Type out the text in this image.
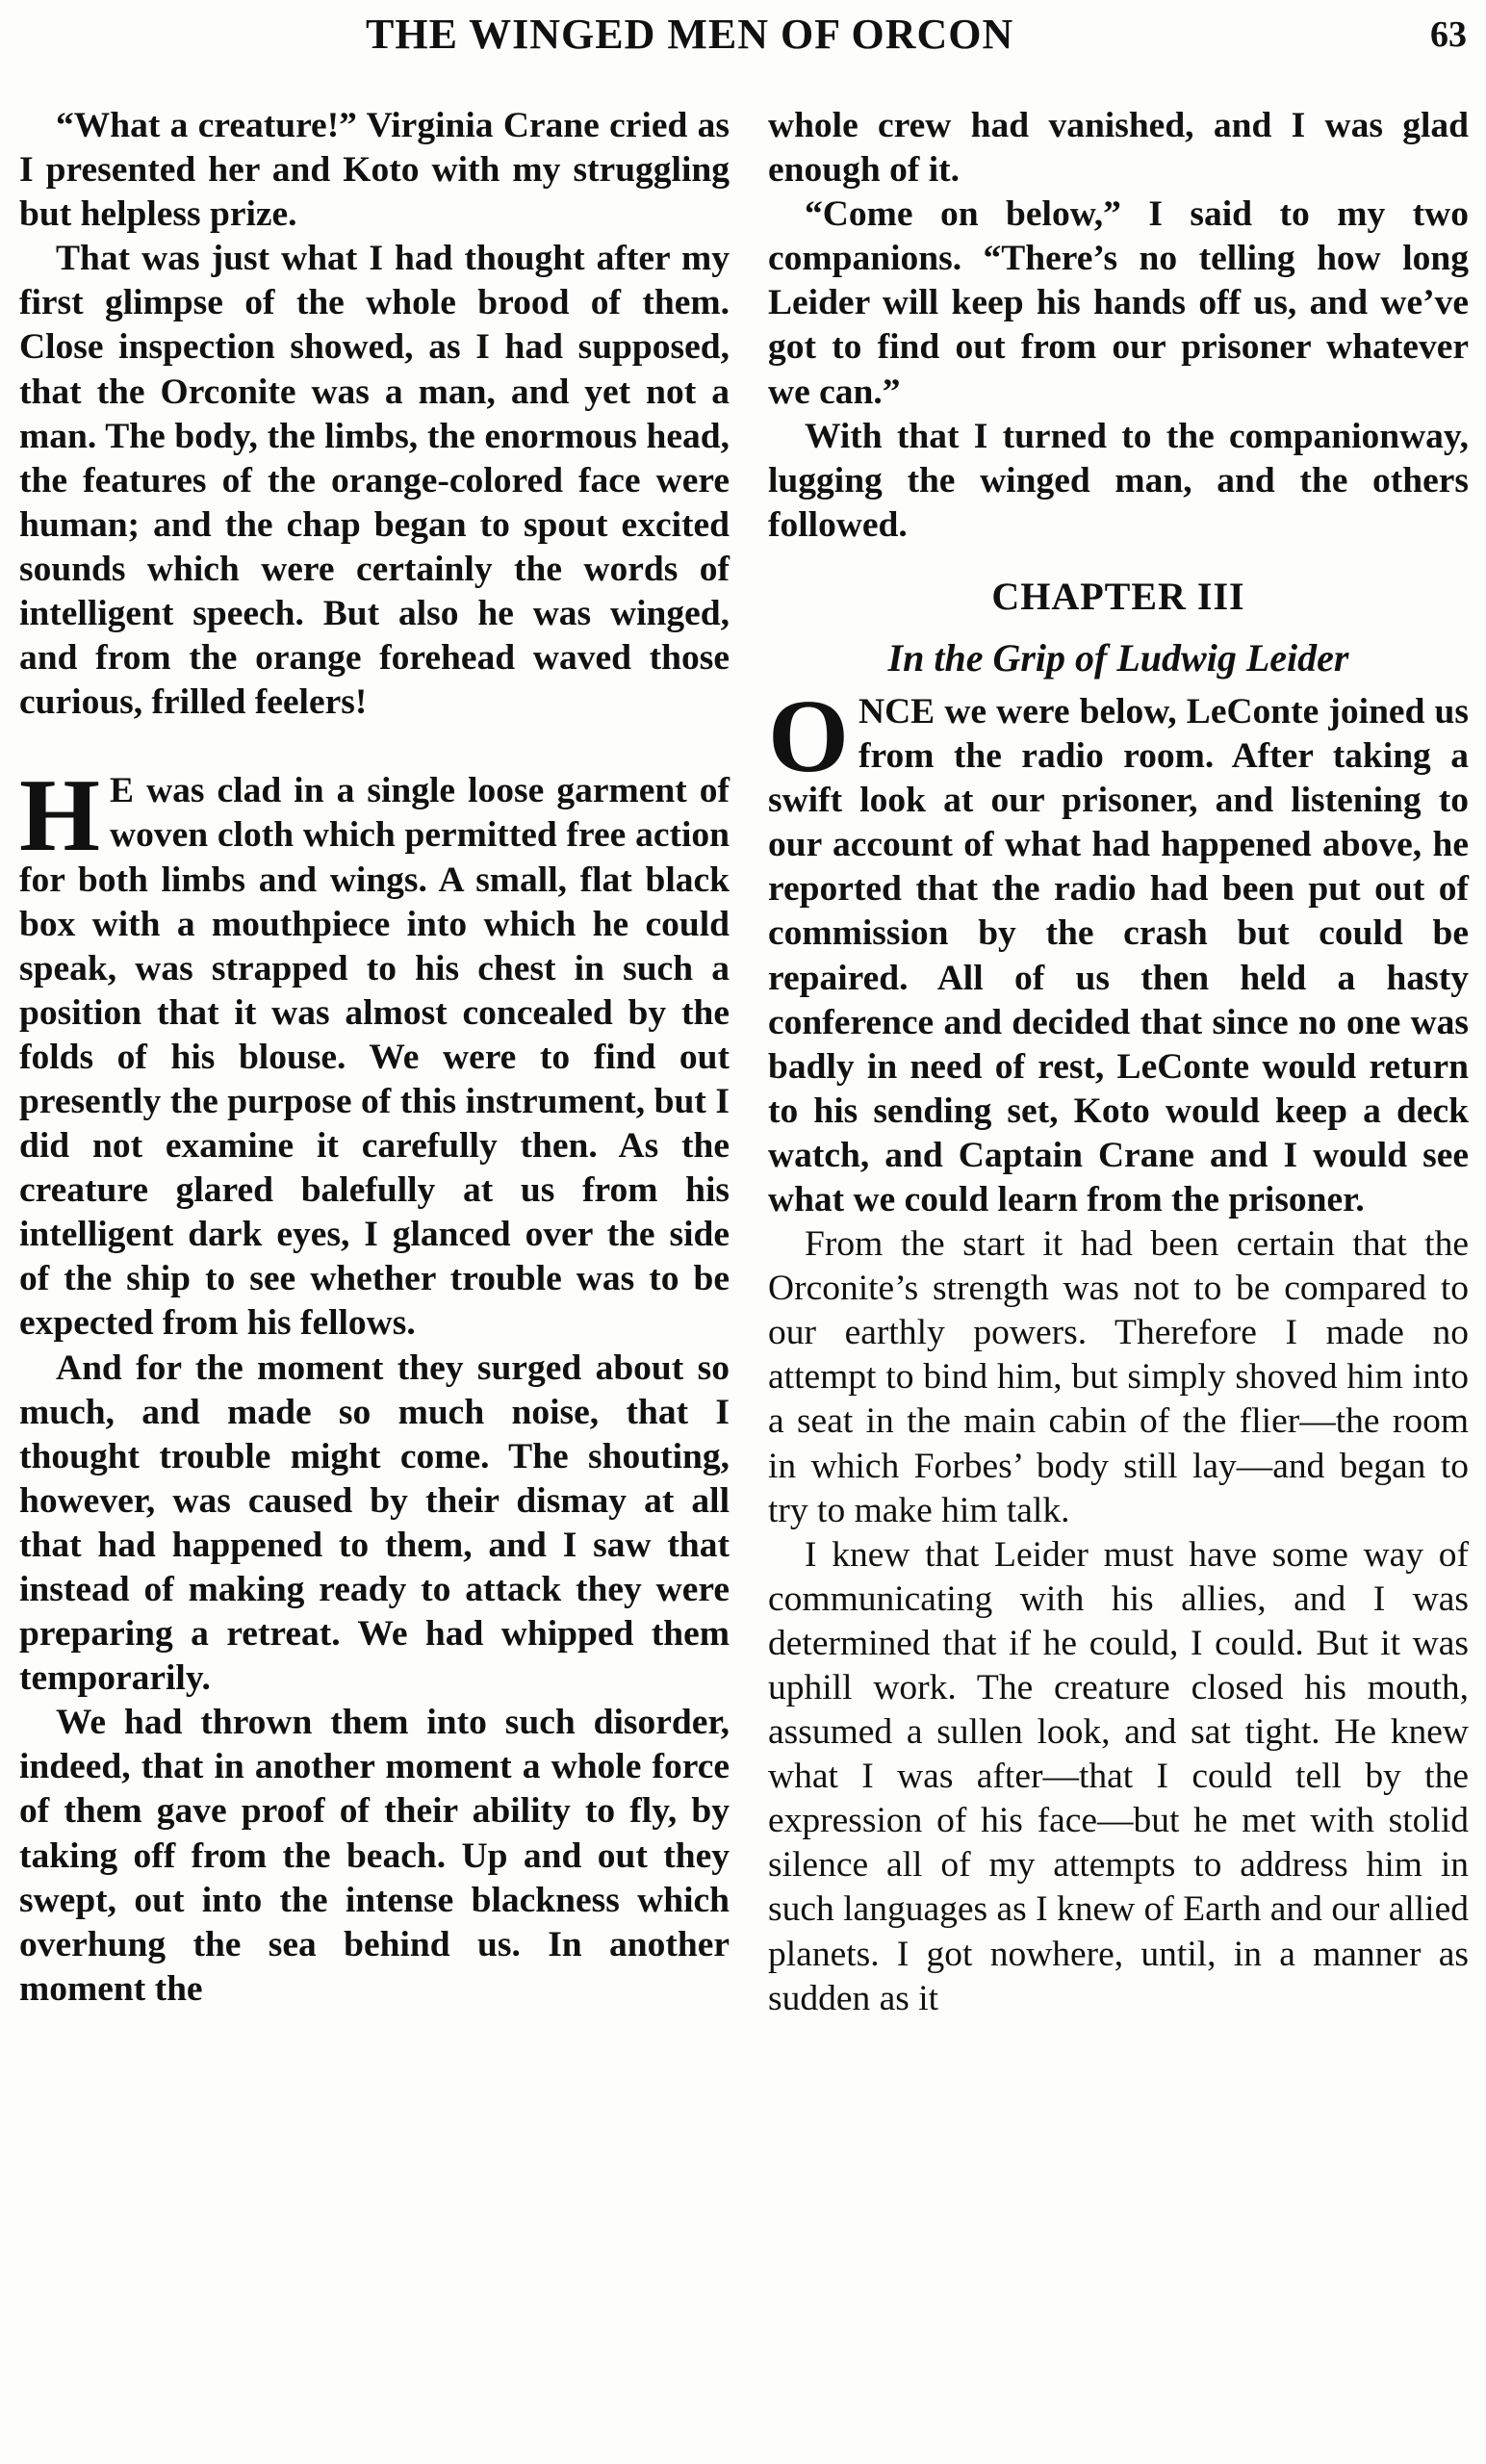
THE WINGED MEN OF ORCON	63

“What a creature!” Virginia Crane cried as I presented her and Koto with my struggling but helpless prize.

That was just what I had thought after my first glimpse of the whole brood of them. Close inspection showed, as I had supposed, that the Orconite was a man, and yet not a man. The body, the limbs, the enormous head, the features of the orange-colored face were human; and the chap began to spout excited sounds which were certainly the words of intelligent speech. But also he was winged, and from the orange forehead waved those curious, frilled feelers!

H E was clad in a single loose garment of woven cloth which permitted free action for both limbs and wings. A small, flat black box with a mouthpiece into which he could speak, was strapped to his chest in such a position that it was almost concealed by the folds of his blouse. We were to find out presently the purpose of this instrument, but I did not examine it carefully then. As the creature glared balefully at us from his intelligent dark eyes, I glanced over the side of the ship to see whether trouble was to be expected from his fellows.

And for the moment they surged about so much, and made so much noise, that I thought trouble might come. The shouting, however, was caused by their dismay at all that had happened to them, and I saw that instead of making ready to attack they were preparing a retreat. We had whipped them temporarily.

We had thrown them into such disorder, indeed, that in another moment a whole force of them gave proof of their ability to fly, by taking off from the beach. Up and out they swept, out into the intense blackness which overhung the sea behind us. In another moment the

whole crew had vanished, and I was glad enough of it.

“Come on below,” I said to my two companions. “There’s no telling how long Leider will keep his hands off us, and we’ve got to find out from our prisoner whatever we can.”

With that I turned to the companionway, lugging the winged man, and the others followed.

CHAPTER III
In the Grip of Ludwig Leider

ONCE we were below, LeConte joined us from the radio room. After taking a swift look at our prisoner, and listening to our account of what had happened above, he reported that the radio had been put out of commission by the crash but could be repaired. All of us then held a hasty conference and decided that since no one was badly in need of rest, LeConte would return to his sending set, Koto would keep a deck watch, and Captain Crane and I would see what we could learn from the prisoner.

From the start it had been certain that the Orconite’s strength was not to be compared to our earthly powers. Therefore I made no attempt to bind him, but simply shoved him into a seat in the main cabin of the flier—the room in which Forbes’ body still lay—and began to try to make him talk.

I knew that Leider must have some way of communicating with his allies, and I was determined that if he could, I could. But it was uphill work. The creature closed his mouth, assumed a sullen look, and sat tight. He knew what I was after—that I could tell by the expression of his face—but he met with stolid silence all of my attempts to address him in such languages as I knew of Earth and our allied planets. I got nowhere, until, in a manner as sudden as it
